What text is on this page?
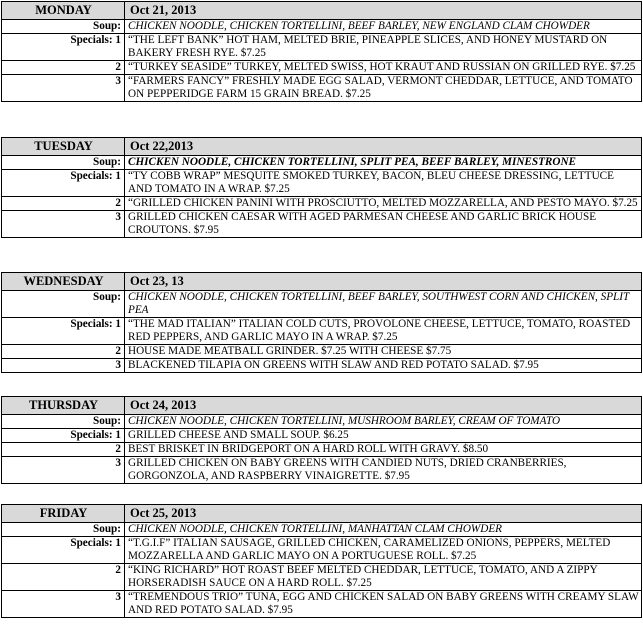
MONDAY	Oct 21, 2013
Soup:	CHICKEN NOODLE, CHICKEN TORTELLINI, BEEF BARLEY, NEW ENGLAND CLAM CHOWDER
Specials: 1	“THE LEFT BANK” HOT HAM, MELTED BRIE, PINEAPPLE SLICES, AND HONEY MUSTARD ON BAKERY FRESH RYE. $7.25
2	“TURKEY SEASIDE” TURKEY, MELTED SWISS, HOT KRAUT AND RUSSIAN ON GRILLED RYE. $7.25
3	“FARMERS FANCY” FRESHLY MADE EGG SALAD, VERMONT CHEDDAR, LETTUCE, AND TOMATO ON PEPPERIDGE FARM 15 GRAIN BREAD. $7.25
TUESDAY	Oct 22,2013
Soup:	CHICKEN NOODLE, CHICKEN TORTELLINI, SPLIT PEA, BEEF BARLEY, MINESTRONE
Specials: 1	“TY COBB WRAP” MESQUITE SMOKED TURKEY, BACON, BLEU CHEESE DRESSING, LETTUCE AND TOMATO IN A WRAP. $7.25
2	“GRILLED CHICKEN PANINI WITH PROSCIUTTO, MELTED MOZZARELLA, AND PESTO MAYO. $7.25
3	GRILLED CHICKEN CAESAR WITH AGED PARMESAN CHEESE AND GARLIC BRICK HOUSE CROUTONS. $7.95
WEDNESDAY	Oct 23, 13
Soup:	CHICKEN NOODLE, CHICKEN TORTELLINI, BEEF BARLEY, SOUTHWEST CORN AND CHICKEN, SPLIT PEA
Specials: 1	“THE MAD ITALIAN” ITALIAN COLD CUTS, PROVOLONE CHEESE, LETTUCE, TOMATO, ROASTED RED PEPPERS, AND GARLIC MAYO IN A WRAP. $7.25
2	HOUSE MADE MEATBALL GRINDER. $7.25 WITH CHEESE $7.75
3	BLACKENED TILAPIA ON GREENS WITH SLAW AND RED POTATO SALAD. $7.95
THURSDAY	Oct 24, 2013
Soup:	CHICKEN NOODLE, CHICKEN TORTELLINI, MUSHROOM BARLEY, CREAM OF TOMATO
Specials: 1	GRILLED CHEESE AND SMALL SOUP. $6.25
2	BEST BRISKET IN BRIDGEPORT ON A HARD ROLL WITH GRAVY. $8.50
3	GRILLED CHICKEN ON BABY GREENS WITH CANDIED NUTS, DRIED CRANBERRIES, GORGONZOLA, AND RASPBERRY VINAIGRETTE. $7.95
FRIDAY	Oct 25, 2013
Soup:	CHICKEN NOODLE, CHICKEN TORTELLINI, MANHATTAN CLAM CHOWDER
Specials: 1	“T.G.I.F” ITALIAN SAUSAGE, GRILLED CHICKEN, CARAMELIZED ONIONS, PEPPERS, MELTED MOZZARELLA AND GARLIC MAYO ON A PORTUGUESE ROLL. $7.25
2	“KING RICHARD” HOT ROAST BEEF MELTED CHEDDAR, LETTUCE, TOMATO, AND A ZIPPY HORSERADISH SAUCE ON A HARD ROLL. $7.25
3	“TREMENDOUS TRIO” TUNA, EGG AND CHICKEN SALAD ON BABY GREENS WITH CREAMY SLAW AND RED POTATO SALAD. $7.95
